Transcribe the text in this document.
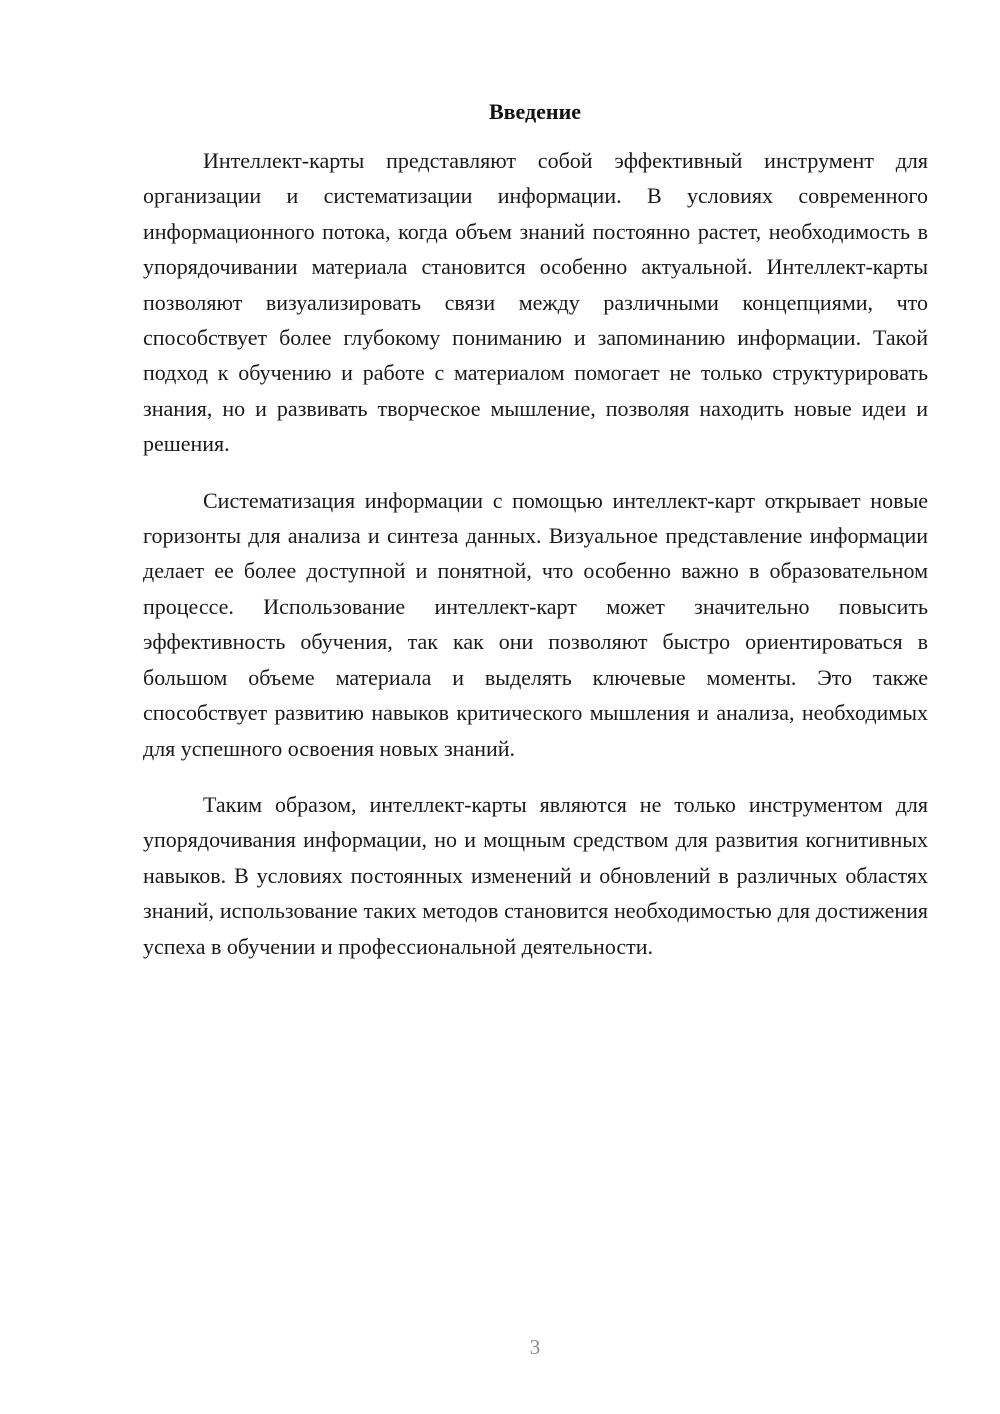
Введение

Интеллект-карты представляют собой эффективный инструмент для организации и систематизации информации. В условиях современного информационного потока, когда объем знаний постоянно растет, необходимость в упорядочивании материала становится особенно актуальной. Интеллект-карты позволяют визуализировать связи между различными концепциями, что способствует более глубокому пониманию и запоминанию информации. Такой подход к обучению и работе с материалом помогает не только структурировать знания, но и развивать творческое мышление, позволяя находить новые идеи и решения.

Систематизация информации с помощью интеллект-карт открывает новые горизонты для анализа и синтеза данных. Визуальное представление информации делает ее более доступной и понятной, что особенно важно в образовательном процессе. Использование интеллект-карт может значительно повысить эффективность обучения, так как они позволяют быстро ориентироваться в большом объеме материала и выделять ключевые моменты. Это также способствует развитию навыков критического мышления и анализа, необходимых для успешного освоения новых знаний.

Таким образом, интеллект-карты являются не только инструментом для упорядочивания информации, но и мощным средством для развития когнитивных навыков. В условиях постоянных изменений и обновлений в различных областях знаний, использование таких методов становится необходимостью для достижения успеха в обучении и профессиональной деятельности.

3
